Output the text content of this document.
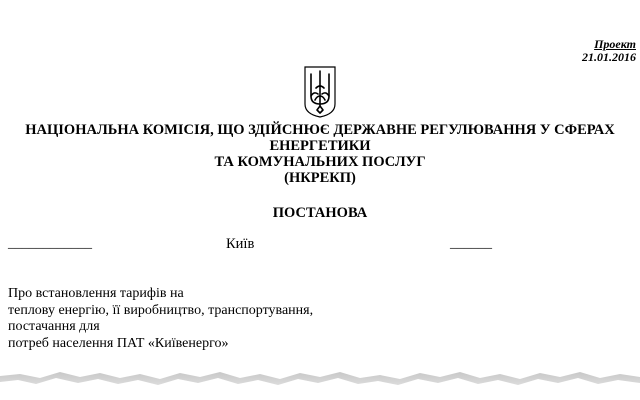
Проект
21.01.2016
НАЦІОНАЛЬНА КОМІСІЯ, ЩО ЗДІЙСНЮЄ ДЕРЖАВНЕ РЕГУЛЮВАННЯ У СФЕРАХ
ЕНЕРГЕТИКИ
ТА КОМУНАЛЬНИХ ПОСЛУГ
(НКРЕКП)
ПОСТАНОВА
____________	Київ	______
Про встановлення тарифів на
теплову енергію, її виробництво, транспортування,
постачання для
потреб населення ПАТ «Київенерго»
